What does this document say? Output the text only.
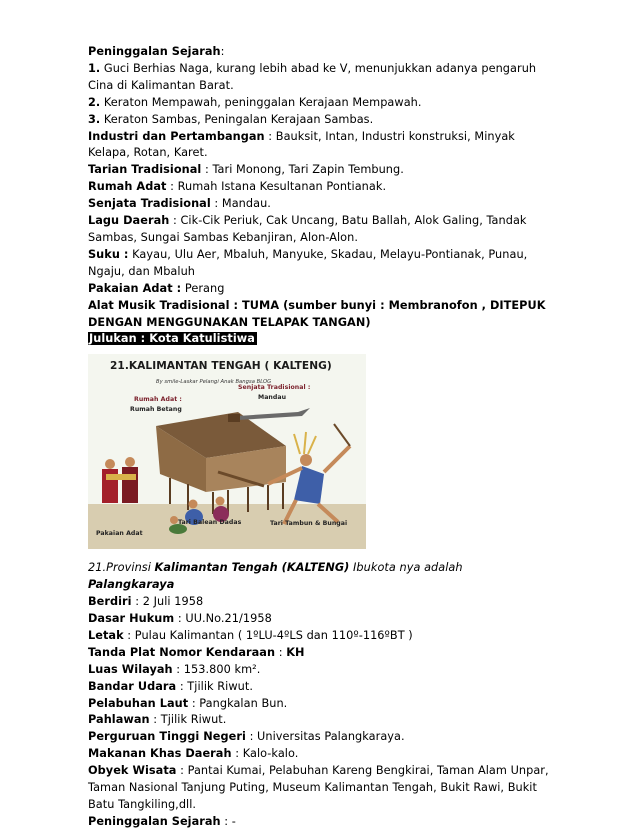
Peninggalan Sejarah:

1. Guci Berhias Naga, kurang lebih abad ke V, menunjukkan adanya pengaruh Cina di Kalimantan Barat.

2. Keraton Mempawah, peninggalan Kerajaan Mempawah.

3. Keraton Sambas, Peningalan Kerajaan Sambas.

Industri dan Pertambangan : Bauksit, Intan, Industri konstruksi, Minyak Kelapa, Rotan, Karet.

Tarian Tradisional : Tari Monong, Tari Zapin Tembung.

Rumah Adat : Rumah Istana Kesultanan Pontianak.

Senjata Tradisional : Mandau.

Lagu Daerah : Cik-Cik Periuk, Cak Uncang, Batu Ballah, Alok Galing, Tandak Sambas, Sungai Sambas Kebanjiran, Alon-Alon.

Suku : Kayau, Ulu Aer, Mbaluh, Manyuke, Skadau, Melayu-Pontianak, Punau, Ngaju, dan Mbaluh

Pakaian Adat : Perang

Alat Musik Tradisional : TUMA (sumber bunyi : Membranofon , DITEPUK DENGAN MENGGUNAKAN TELAPAK TANGAN)

Julukan : Kota Katulistiwa

21.KALIMANTAN TENGAH ( KALTENG)
By smile-Laskar Pelangi Anak Bangsa BLOG
Rumah Adat :
Rumah Betang
Senjata Tradisional :
Mandau
Pakaian Adat
Tari Balean Dadas	Tari Tambun & Bungai

21.Provinsi Kalimantan Tengah (KALTENG) Ibukota nya adalah
Palangkaraya

Berdiri : 2 Juli 1958

Dasar Hukum : UU.No.21/1958

Letak : Pulau Kalimantan ( 1ºLU-4ºLS dan 110º-116ºBT )

Tanda Plat Nomor Kendaraan : KH

Luas Wilayah : 153.800 km².

Bandar Udara : Tjilik Riwut.

Pelabuhan Laut : Pangkalan Bun.

Pahlawan : Tjilik Riwut.

Perguruan Tinggi Negeri : Universitas Palangkaraya.

Makanan Khas Daerah : Kalo-kalo.

Obyek Wisata : Pantai Kumai, Pelabuhan Kareng Bengkirai, Taman Alam Unpar, Taman Nasional Tanjung Puting, Museum Kalimantan Tengah, Bukit Rawi, Bukit Batu Tangkiling,dll.

Peninggalan Sejarah : -
